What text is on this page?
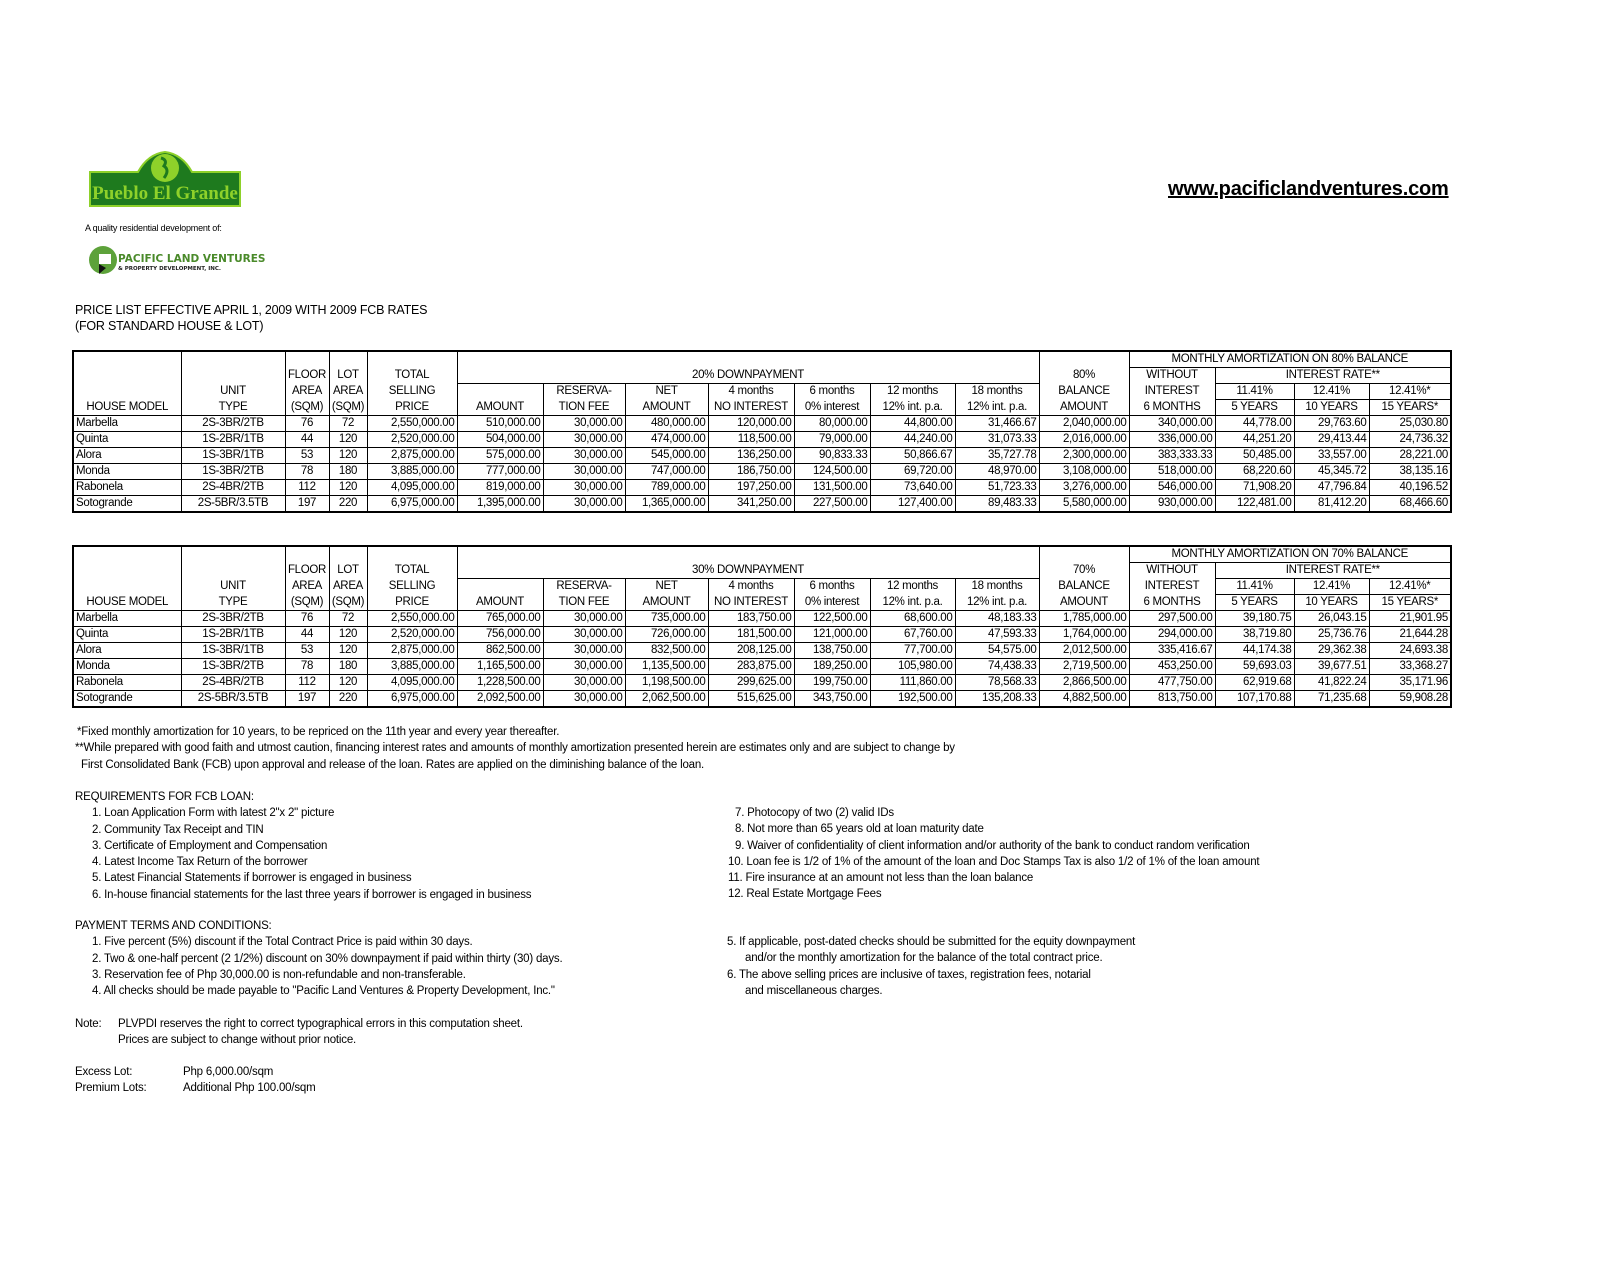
Pueblo El Grande
A quality residential development of:
PACIFIC LAND VENTURES
& PROPERTY DEVELOPMENT, INC.
www.pacificlandventures.com
PRICE LIST EFFECTIVE APRIL 1, 2009 WITH 2009 FCB RATES
(FOR STANDARD HOUSE & LOT)
													MONTHLY AMORTIZATION ON 80% BALANCE			
		FLOOR	LOT	TOTAL	20% DOWNPAYMENT							80%	WITHOUT	INTEREST RATE**		
	UNIT	AREA	AREA	SELLING		RESERVA-	NET	4 months	6 months	12 months	18 months	BALANCE	INTEREST	11.41%	12.41%	12.41%*
HOUSE MODEL	TYPE	(SQM)	(SQM)	PRICE	AMOUNT	TION FEE	AMOUNT	NO INTEREST	0% interest	12% int. p.a.	12% int. p.a.	AMOUNT	6 MONTHS	5 YEARS	10 YEARS	15 YEARS*
Marbella	2S-3BR/2TB	76	72	2,550,000.00	510,000.00	30,000.00	480,000.00	120,000.00	80,000.00	44,800.00	31,466.67	2,040,000.00	340,000.00	44,778.00	29,763.60	25,030.80
Quinta	1S-2BR/1TB	44	120	2,520,000.00	504,000.00	30,000.00	474,000.00	118,500.00	79,000.00	44,240.00	31,073.33	2,016,000.00	336,000.00	44,251.20	29,413.44	24,736.32
Alora	1S-3BR/1TB	53	120	2,875,000.00	575,000.00	30,000.00	545,000.00	136,250.00	90,833.33	50,866.67	35,727.78	2,300,000.00	383,333.33	50,485.00	33,557.00	28,221.00
Monda	1S-3BR/2TB	78	180	3,885,000.00	777,000.00	30,000.00	747,000.00	186,750.00	124,500.00	69,720.00	48,970.00	3,108,000.00	518,000.00	68,220.60	45,345.72	38,135.16
Rabonela	2S-4BR/2TB	112	120	4,095,000.00	819,000.00	30,000.00	789,000.00	197,250.00	131,500.00	73,640.00	51,723.33	3,276,000.00	546,000.00	71,908.20	47,796.84	40,196.52
Sotogrande	2S-5BR/3.5TB	197	220	6,975,000.00	1,395,000.00	30,000.00	1,365,000.00	341,250.00	227,500.00	127,400.00	89,483.33	5,580,000.00	930,000.00	122,481.00	81,412.20	68,466.60
													MONTHLY AMORTIZATION ON 70% BALANCE			
		FLOOR	LOT	TOTAL	30% DOWNPAYMENT							70%	WITHOUT	INTEREST RATE**		
	UNIT	AREA	AREA	SELLING		RESERVA-	NET	4 months	6 months	12 months	18 months	BALANCE	INTEREST	11.41%	12.41%	12.41%*
HOUSE MODEL	TYPE	(SQM)	(SQM)	PRICE	AMOUNT	TION FEE	AMOUNT	NO INTEREST	0% interest	12% int. p.a.	12% int. p.a.	AMOUNT	6 MONTHS	5 YEARS	10 YEARS	15 YEARS*
Marbella	2S-3BR/2TB	76	72	2,550,000.00	765,000.00	30,000.00	735,000.00	183,750.00	122,500.00	68,600.00	48,183.33	1,785,000.00	297,500.00	39,180.75	26,043.15	21,901.95
Quinta	1S-2BR/1TB	44	120	2,520,000.00	756,000.00	30,000.00	726,000.00	181,500.00	121,000.00	67,760.00	47,593.33	1,764,000.00	294,000.00	38,719.80	25,736.76	21,644.28
Alora	1S-3BR/1TB	53	120	2,875,000.00	862,500.00	30,000.00	832,500.00	208,125.00	138,750.00	77,700.00	54,575.00	2,012,500.00	335,416.67	44,174.38	29,362.38	24,693.38
Monda	1S-3BR/2TB	78	180	3,885,000.00	1,165,500.00	30,000.00	1,135,500.00	283,875.00	189,250.00	105,980.00	74,438.33	2,719,500.00	453,250.00	59,693.03	39,677.51	33,368.27
Rabonela	2S-4BR/2TB	112	120	4,095,000.00	1,228,500.00	30,000.00	1,198,500.00	299,625.00	199,750.00	111,860.00	78,568.33	2,866,500.00	477,750.00	62,919.68	41,822.24	35,171.96
Sotogrande	2S-5BR/3.5TB	197	220	6,975,000.00	2,092,500.00	30,000.00	2,062,500.00	515,625.00	343,750.00	192,500.00	135,208.33	4,882,500.00	813,750.00	107,170.88	71,235.68	59,908.28
*Fixed monthly amortization for 10 years, to be repriced on the 11th year and every year thereafter.
**While prepared with good faith and utmost caution, financing interest rates and amounts of monthly amortization presented herein are estimates only and are subject to change by
First Consolidated Bank (FCB) upon approval and release of the loan. Rates are applied on the diminishing balance of the loan.
REQUIREMENTS FOR FCB LOAN:
1. Loan Application Form with latest 2"x 2" picture
2. Community Tax Receipt and TIN
3. Certificate of Employment and Compensation
4. Latest Income Tax Return of the borrower
5. Latest Financial Statements if borrower is engaged in business
6. In-house financial statements for the last three years if borrower is engaged in business
7. Photocopy of two (2) valid IDs
8. Not more than 65 years old at loan maturity date
9. Waiver of confidentiality of client information and/or authority of the bank to conduct random verification
10. Loan fee is 1/2 of 1% of the amount of the loan and Doc Stamps Tax is also 1/2 of 1% of the loan amount
11. Fire insurance at an amount not less than the loan balance
12. Real Estate Mortgage Fees
PAYMENT TERMS AND CONDITIONS:
1. Five percent (5%) discount if the Total Contract Price is paid within 30 days.
2. Two & one-half percent (2 1/2%) discount on 30% downpayment if paid within thirty (30) days.
3. Reservation fee of Php 30,000.00 is non-refundable and non-transferable.
4. All checks should be made payable to "Pacific Land Ventures & Property Development, Inc."
5. If applicable, post-dated checks should be submitted for the equity downpayment
and/or the monthly amortization for the balance of the total contract price.
6. The above selling prices are inclusive of taxes, registration fees, notarial
and miscellaneous charges.
Note: PLVPDI reserves the right to correct typographical errors in this computation sheet.
Prices are subject to change without prior notice.
Excess Lot:	Php 6,000.00/sqm
Premium Lots:	Additional Php 100.00/sqm
